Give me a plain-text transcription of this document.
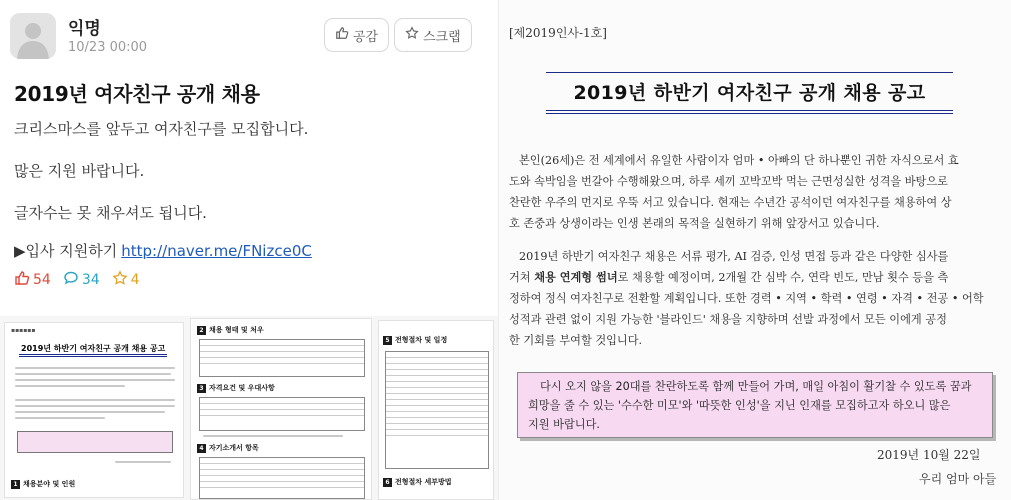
익명
10/23 00:00
공감	스크랩
2019년 여자친구 공개 채용
크리스마스를 앞두고 여자친구를 모집합니다.
많은 지원 바랍니다.
글자수는 못 채우셔도 됩니다.
▶입사 지원하기 http://naver.me/FNizce0C
54 34 4
▪▪▪▪▪▪
2019년 하반기 여자친구 공개 채용 공고
1 채용분야 및 인원
2 채용 형태 및 처우
3 자격요건 및 우대사항
4 자기소개서 항목
5 전형절차 및 일정
6 전형절차 세부방법
[제2019인사-1호]
2019년 하반기 여자친구 공개 채용 공고
본인(26세)은 전 세계에서 유일한 사람이자 엄마 • 아빠의 단 하나뿐인 귀한 자식으로서 효
도와 속박임을 번갈아 수행해왔으며, 하루 세끼 꼬박꼬박 먹는 근면성실한 성격을 바탕으로
찬란한 우주의 먼지로 우뚝 서고 있습니다. 현재는 수년간 공석이던 여자친구를 채용하여 상
호 존중과 상생이라는 인생 본래의 목적을 실현하기 위해 앞장서고 있습니다.
2019년 하반기 여자친구 채용은 서류 평가, AI 검증, 인성 면접 등과 같은 다양한 심사를
거쳐 채용 연계형 썸녀로 채용할 예정이며, 2개월 간 심박 수, 연락 빈도, 만남 횟수 등을 측
정하여 정식 여자친구로 전환할 계획입니다. 또한 경력 • 지역 • 학력 • 연령 • 자격 • 전공 • 어학
성적과 관련 없이 지원 가능한 '블라인드' 채용을 지향하며 선발 과정에서 모든 이에게 공정
한 기회를 부여할 것입니다.
다시 오지 않을 20대를 찬란하도록 함께 만들어 가며, 매일 아침이 활기찰 수 있도록 꿈과
희망을 줄 수 있는 '수수한 미모'와 '따뜻한 인성'을 지닌 인재를 모집하고자 하오니 많은
지원 바랍니다.
2019년 10월 22일
우리 엄마 아들
